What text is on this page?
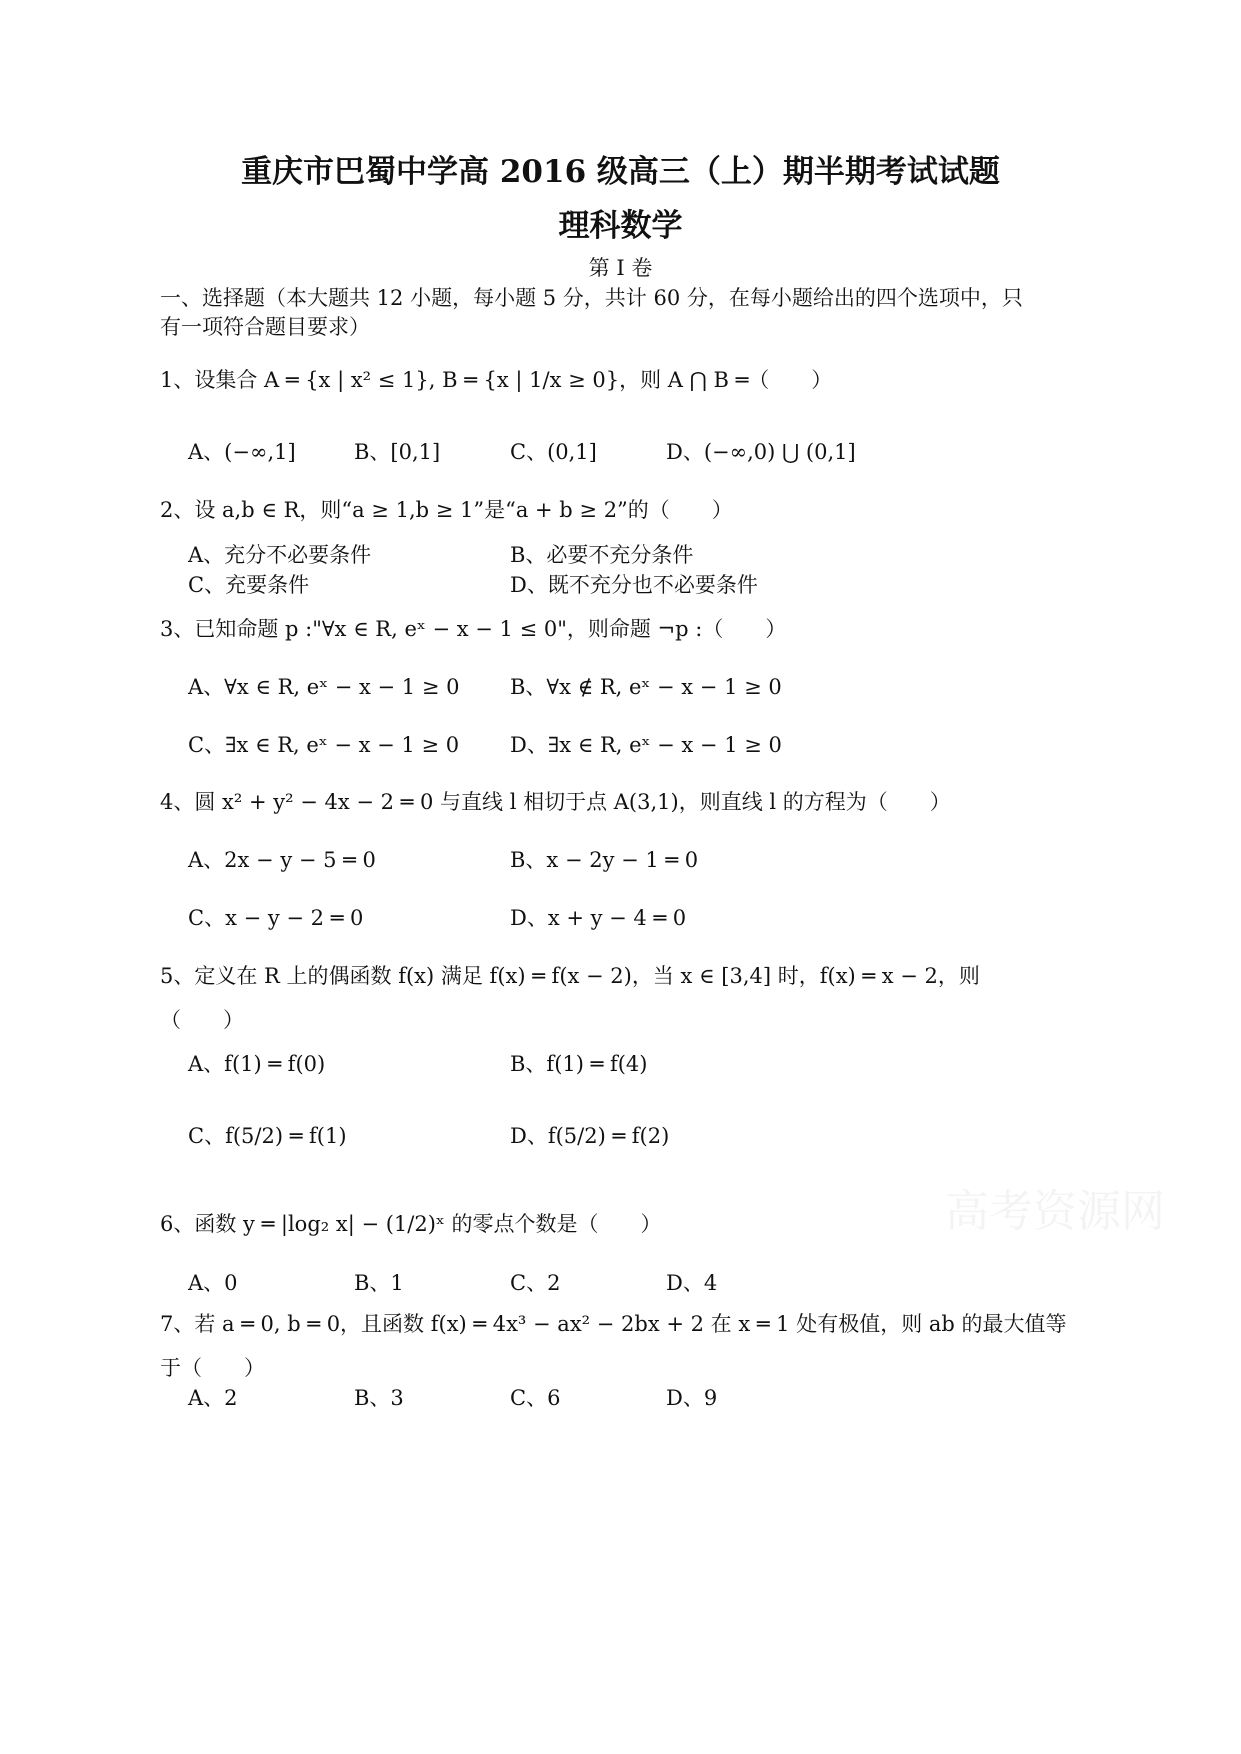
重庆市巴蜀中学高 2016 级高三（上）期半期考试试题
理科数学
第 I 卷
一、选择题（本大题共 12 小题，每小题 5 分，共计 60 分，在每小题给出的四个选项中，只
有一项符合题目要求）
1、设集合 A ═ {x | x² ≤ 1}, B ═ {x | 1/x ≥ 0}，则 A ⋂ B ═（　　）
A、(−∞,1]	B、[0,1]	C、(0,1]	D、(−∞,0) ⋃ (0,1]
2、设 a,b ∈ R，则“a ≥ 1,b ≥ 1”是“a + b ≥ 2”的（　　）
A、充分不必要条件	B、必要不充分条件
C、充要条件	D、既不充分也不必要条件
3、已知命题 p :"∀x ∈ R, eˣ − x − 1 ≤ 0"，则命题 ¬p :（　　）
A、∀x ∈ R, eˣ − x − 1 ≥ 0 B、∀x ∉ R, eˣ − x − 1 ≥ 0
C、∃x ∈ R, eˣ − x − 1 ≥ 0 D、∃x ∈ R, eˣ − x − 1 ≥ 0
4、圆 x² + y² − 4x − 2 ═ 0 与直线 l 相切于点 A(3,1)，则直线 l 的方程为（　　）
A、2x − y − 5 ═ 0	B、x − 2y − 1 ═ 0
C、x − y − 2 ═ 0	D、x + y − 4 ═ 0
5、定义在 R 上的偶函数 f(x) 满足 f(x) ═ f(x − 2)，当 x ∈ [3,4] 时，f(x) ═ x − 2，则
（　　）
A、f(1) ═ f(0)	B、f(1) ═ f(4)
C、f(5/2) ═ f(1)	D、f(5/2) ═ f(2)
6、函数 y ═ |log₂ x| − (1/2)ˣ 的零点个数是（　　）
A、0	B、1	C、2	D、4
7、若 a ═ 0, b ═ 0，且函数 f(x) ═ 4x³ − ax² − 2bx + 2 在 x ═ 1 处有极值，则 ab 的最大值等
于（　　）
A、2	B、3	C、6	D、9
高考资源网
